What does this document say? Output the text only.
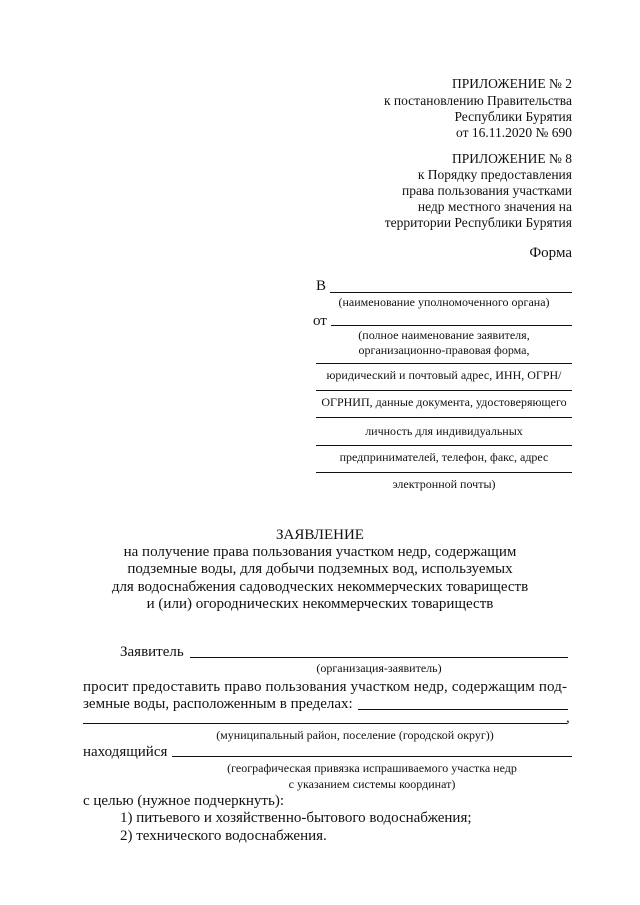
ПРИЛОЖЕНИЕ № 2
к постановлению Правительства
Республики Бурятия
от 16.11.2020 № 690
ПРИЛОЖЕНИЕ № 8
к Порядку предоставления
права пользования участками
недр местного значения на
территории Республики Бурятия
Форма
В
(наименование уполномоченного органа)
от
(полное наименование заявителя,
организационно-правовая форма,
юридический и почтовый адрес, ИНН, ОГРН/
ОГРНИП, данные документа, удостоверяющего
личность для индивидуальных
предпринимателей, телефон, факс, адрес
электронной почты)
ЗАЯВЛЕНИЕ
на получение права пользования участком недр, содержащим
подземные воды, для добычи подземных вод, используемых
для водоснабжения садоводческих некоммерческих товариществ
и (или) огороднических некоммерческих товариществ
Заявитель
(организация-заявитель)
просит предоставить право пользования участком недр, содержащим под-
земные воды, расположенным в пределах:
,
(муниципальный район, поселение (городской округ))
находящийся
(географическая привязка испрашиваемого участка недр
с указанием системы координат)
с целью (нужное подчеркнуть):
1) питьевого и хозяйственно-бытового водоснабжения;
2) технического водоснабжения.
